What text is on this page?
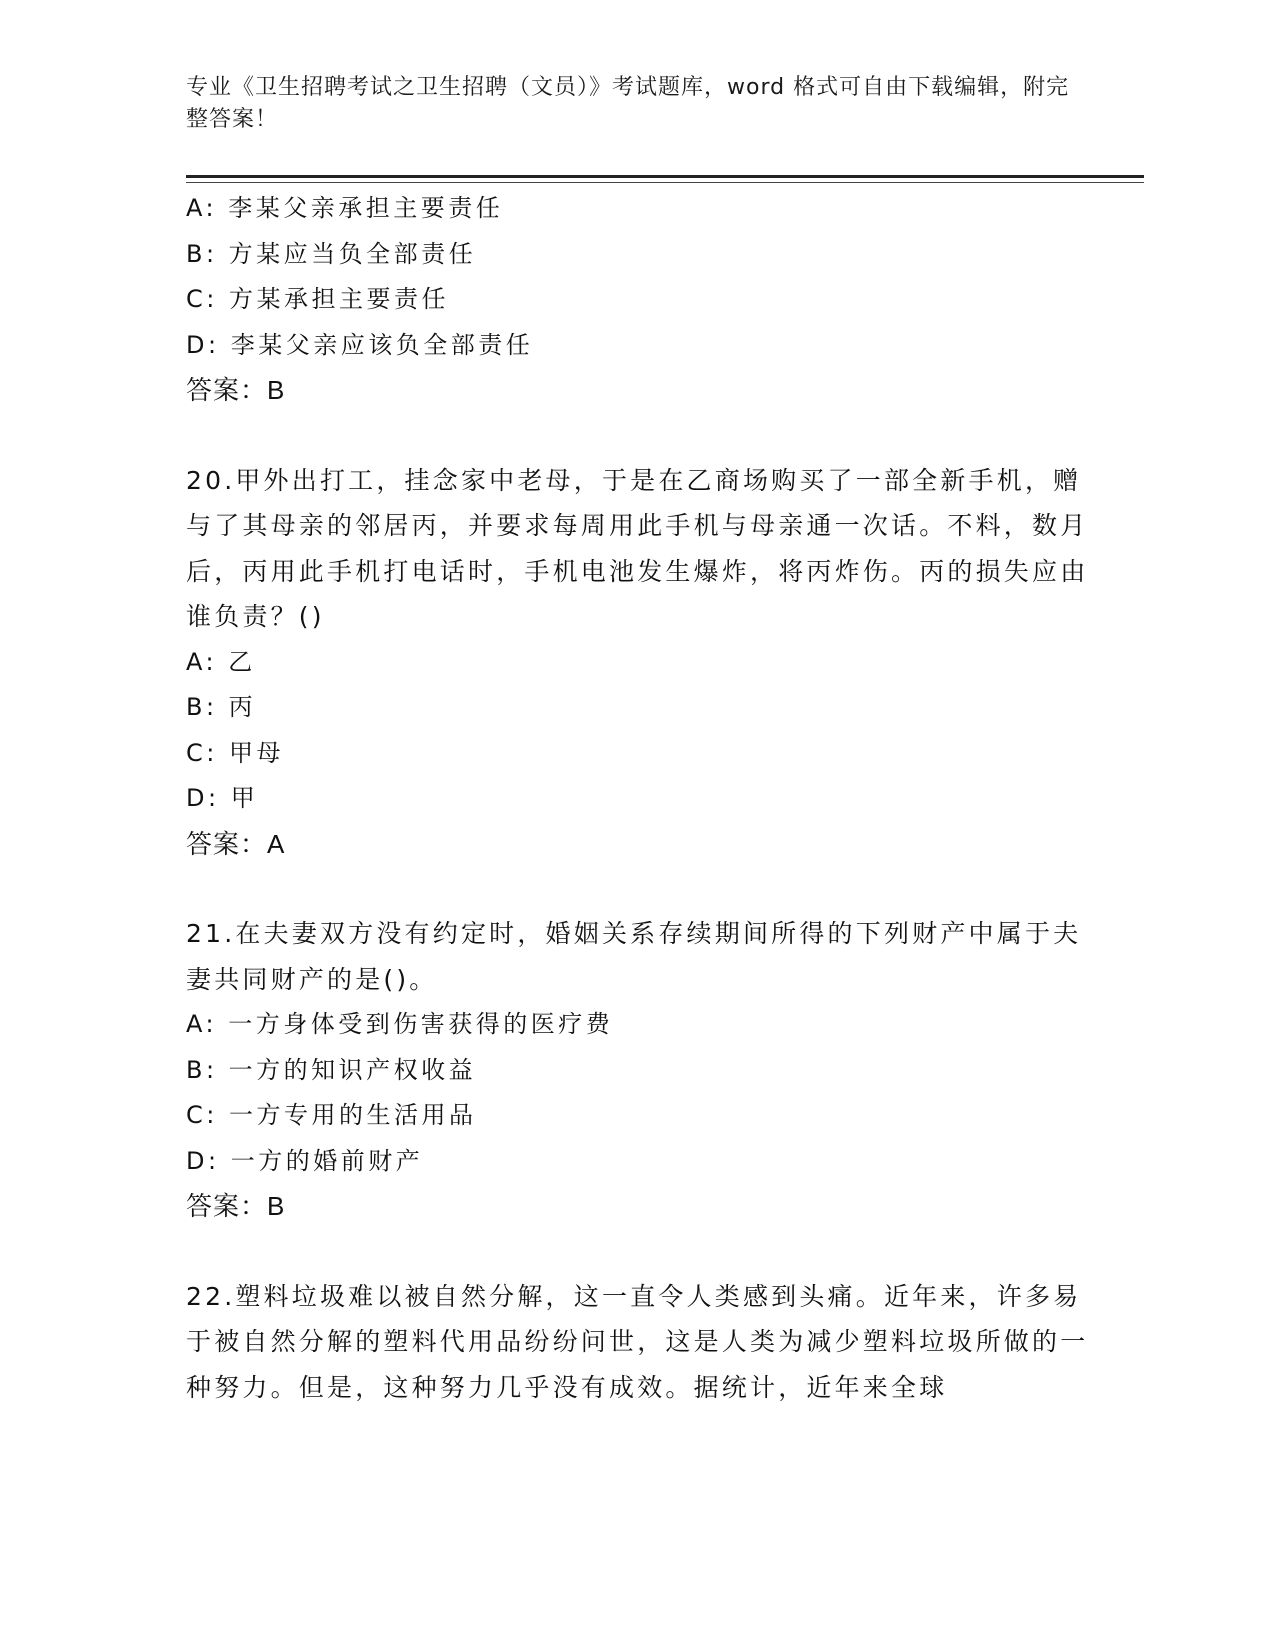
专业《卫生招聘考试之卫生招聘（文员）》考试题库，word 格式可自由下载编辑，附完整答案！
A: 李某父亲承担主要责任
B: 方某应当负全部责任
C: 方某承担主要责任
D: 李某父亲应该负全部责任
答案：B
20.甲外出打工，挂念家中老母，于是在乙商场购买了一部全新手机，赠与了其母亲的邻居丙，并要求每周用此手机与母亲通一次话。不料，数月后，丙用此手机打电话时，手机电池发生爆炸，将丙炸伤。丙的损失应由谁负责？()
A: 乙
B: 丙
C: 甲母
D: 甲
答案：A
21.在夫妻双方没有约定时，婚姻关系存续期间所得的下列财产中属于夫妻共同财产的是()。
A: 一方身体受到伤害获得的医疗费
B: 一方的知识产权收益
C: 一方专用的生活用品
D: 一方的婚前财产
答案：B
22.塑料垃圾难以被自然分解，这一直令人类感到头痛。近年来，许多易于被自然分解的塑料代用品纷纷问世，这是人类为减少塑料垃圾所做的一种努力。但是，这种努力几乎没有成效。据统计，近年来全球
